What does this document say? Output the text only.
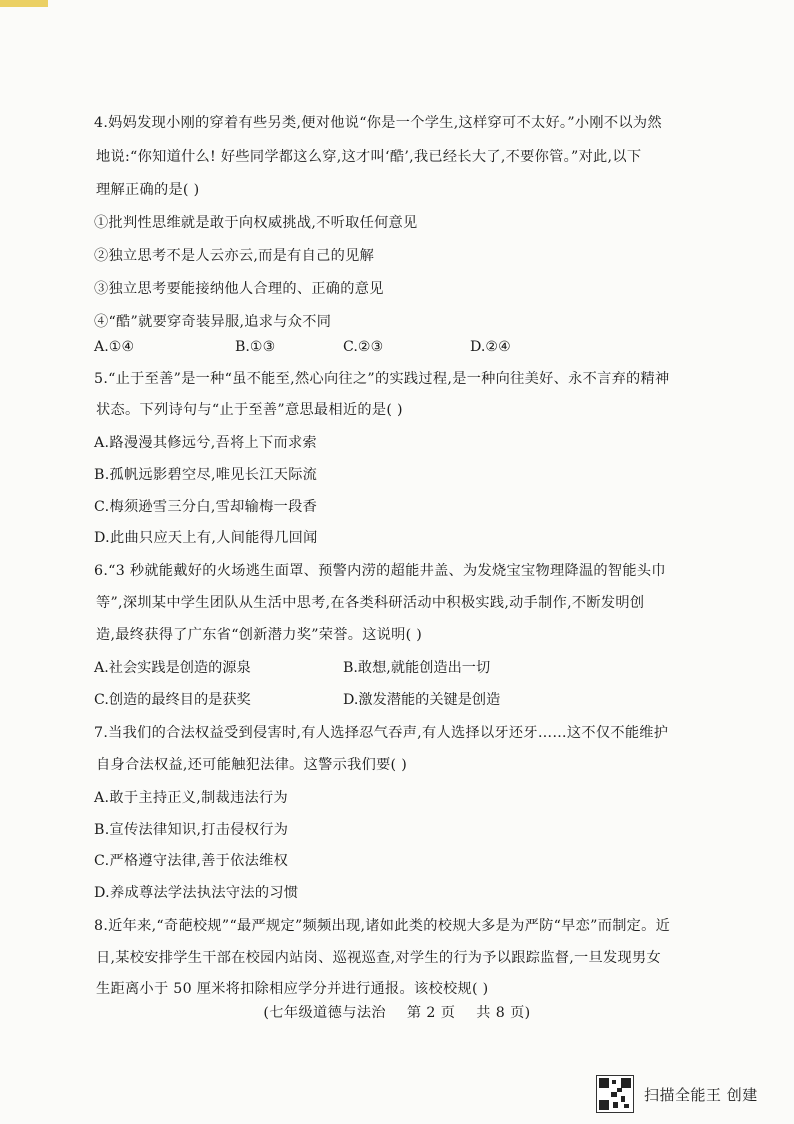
4.妈妈发现小刚的穿着有些另类,便对他说“你是一个学生,这样穿可不太好。”小刚不以为然
地说:“你知道什么! 好些同学都这么穿,这才叫‘酷’,我已经长大了,不要你管。”对此,以下
理解正确的是( )
①批判性思维就是敢于向权威挑战,不听取任何意见
②独立思考不是人云亦云,而是有自己的见解
③独立思考要能接纳他人合理的、正确的意见
④“酷”就要穿奇装异服,追求与众不同
A.①④	B.①③	C.②③	D.②④
5.“止于至善”是一种“虽不能至,然心向往之”的实践过程,是一种向往美好、永不言弃的精神
状态。下列诗句与“止于至善”意思最相近的是( )
A.路漫漫其修远兮,吾将上下而求索
B.孤帆远影碧空尽,唯见长江天际流
C.梅须逊雪三分白,雪却输梅一段香
D.此曲只应天上有,人间能得几回闻
6.“3 秒就能戴好的火场逃生面罩、预警内涝的超能井盖、为发烧宝宝物理降温的智能头巾
等”,深圳某中学生团队从生活中思考,在各类科研活动中积极实践,动手制作,不断发明创
造,最终获得了广东省“创新潜力奖”荣誉。这说明( )
A.社会实践是创造的源泉	B.敢想,就能创造出一切
C.创造的最终目的是获奖	D.激发潜能的关键是创造
7.当我们的合法权益受到侵害时,有人选择忍气吞声,有人选择以牙还牙……这不仅不能维护
自身合法权益,还可能触犯法律。这警示我们要( )
A.敢于主持正义,制裁违法行为
B.宣传法律知识,打击侵权行为
C.严格遵守法律,善于依法维权
D.养成尊法学法执法守法的习惯
8.近年来,“奇葩校规”“最严规定”频频出现,诸如此类的校规大多是为严防“早恋”而制定。近
日,某校安排学生干部在校园内站岗、巡视巡查,对学生的行为予以跟踪监督,一旦发现男女
生距离小于 50 厘米将扣除相应学分并进行通报。该校校规( )
(七年级道德与法治 第 2 页 共 8 页)
扫描全能王 创建
